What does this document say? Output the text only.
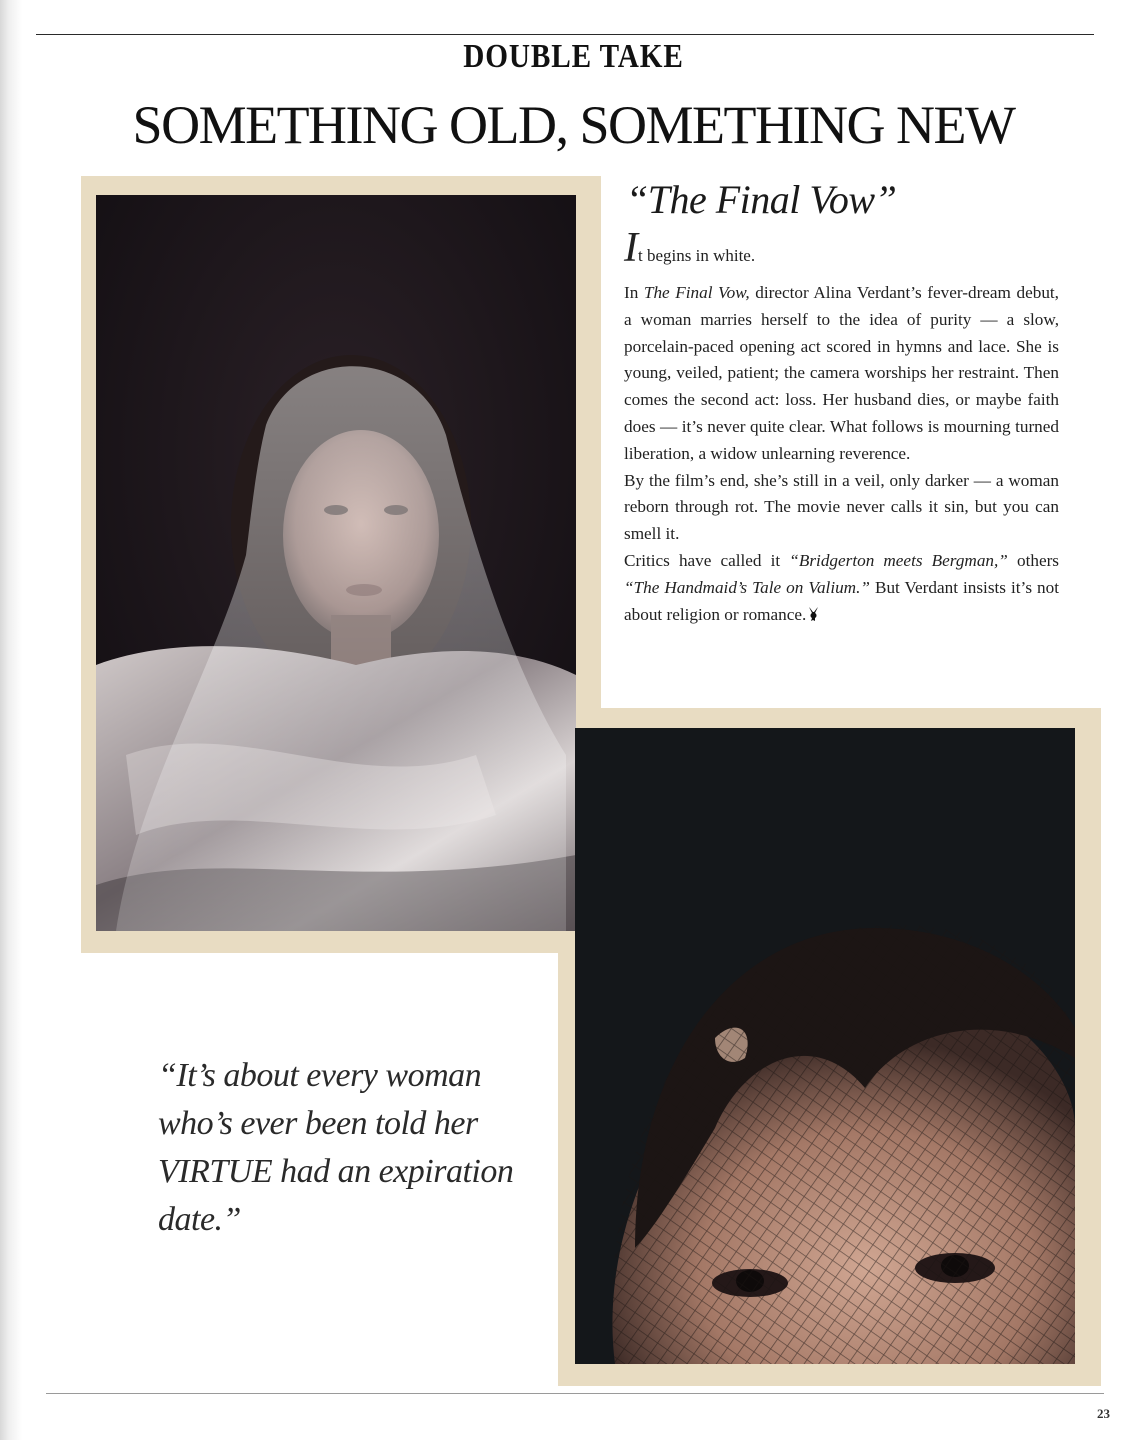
DOUBLE TAKE
SOMETHING OLD, SOMETHING NEW
“The Final Vow”
It begins in white.

In The Final Vow, director Alina Verdant’s fever-dream debut, a woman marries herself to the idea of purity — a slow, porcelain-paced opening act scored in hymns and lace. She is young, veiled, patient; the camera worships her restraint. Then comes the second act: loss. Her husband dies, or maybe faith does — it’s never quite clear. What follows is mourning turned liberation, a widow unlearning reverence.

By the film’s end, she’s still in a veil, only darker — a woman reborn through rot. The movie never calls it sin, but you can smell it.

Critics have called it “Bridgerton meets Bergman,” others “The Handmaid’s Tale on Valium.” But Verdant insists it’s not about religion or romance.

“It’s about every woman who’s ever been told her VIRTUE had an expiration date.”
23
